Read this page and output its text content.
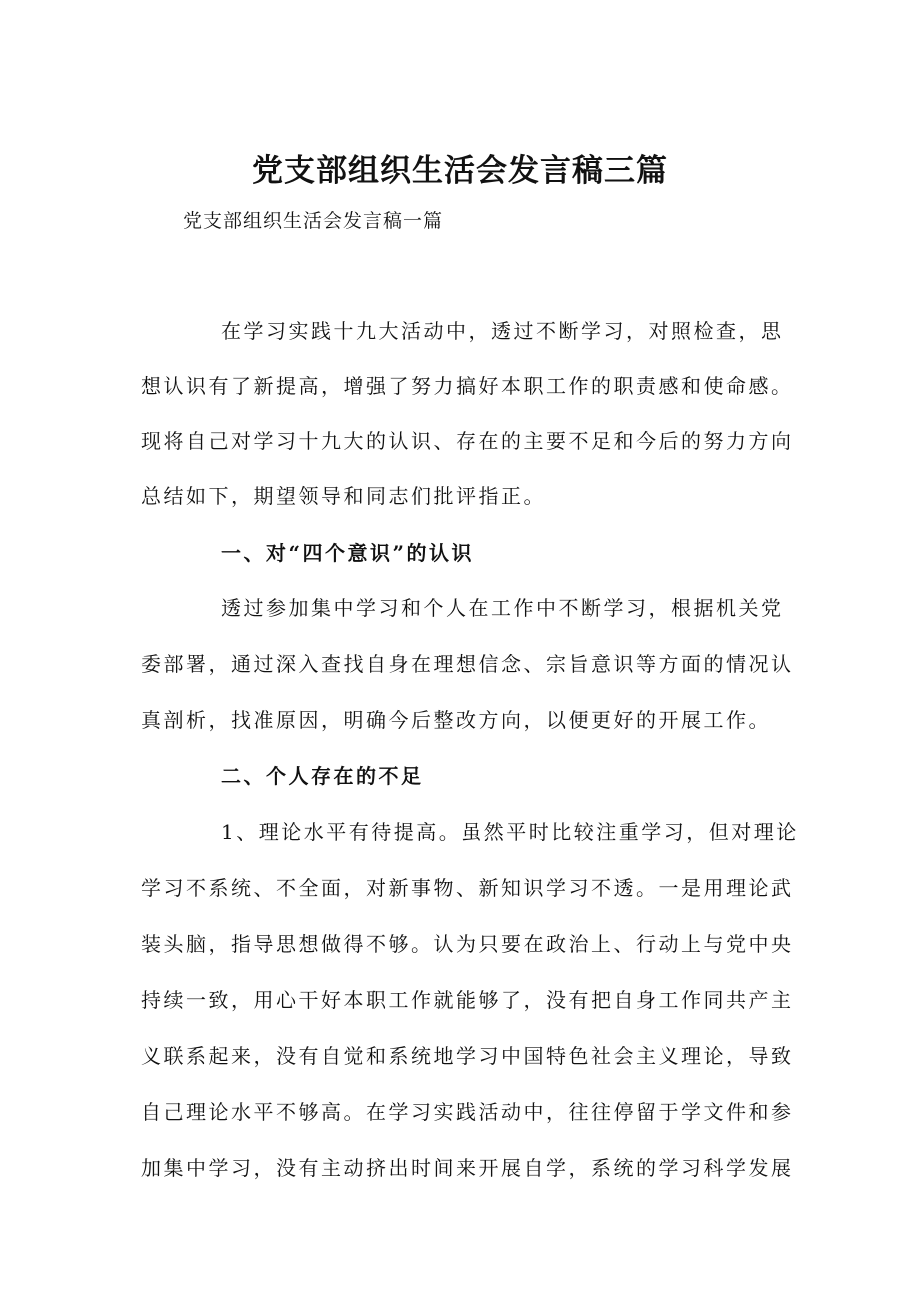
党支部组织生活会发言稿三篇
党支部组织生活会发言稿一篇
在学习实践十九大活动中，透过不断学习，对照检查，思
想认识有了新提高，增强了努力搞好本职工作的职责感和使命感。
现将自己对学习十九大的认识、存在的主要不足和今后的努力方向
总结如下，期望领导和同志们批评指正。
一、对“四个意识”的认识
透过参加集中学习和个人在工作中不断学习，根据机关党
委部署，通过深入查找自身在理想信念、宗旨意识等方面的情况认
真剖析，找准原因，明确今后整改方向，以便更好的开展工作。
二、个人存在的不足
1、理论水平有待提高。虽然平时比较注重学习，但对理论
学习不系统、不全面，对新事物、新知识学习不透。一是用理论武
装头脑，指导思想做得不够。认为只要在政治上、行动上与党中央
持续一致，用心干好本职工作就能够了，没有把自身工作同共产主
义联系起来，没有自觉和系统地学习中国特色社会主义理论，导致
自己理论水平不够高。在学习实践活动中，往往停留于学文件和参
加集中学习，没有主动挤出时间来开展自学，系统的学习科学发展
